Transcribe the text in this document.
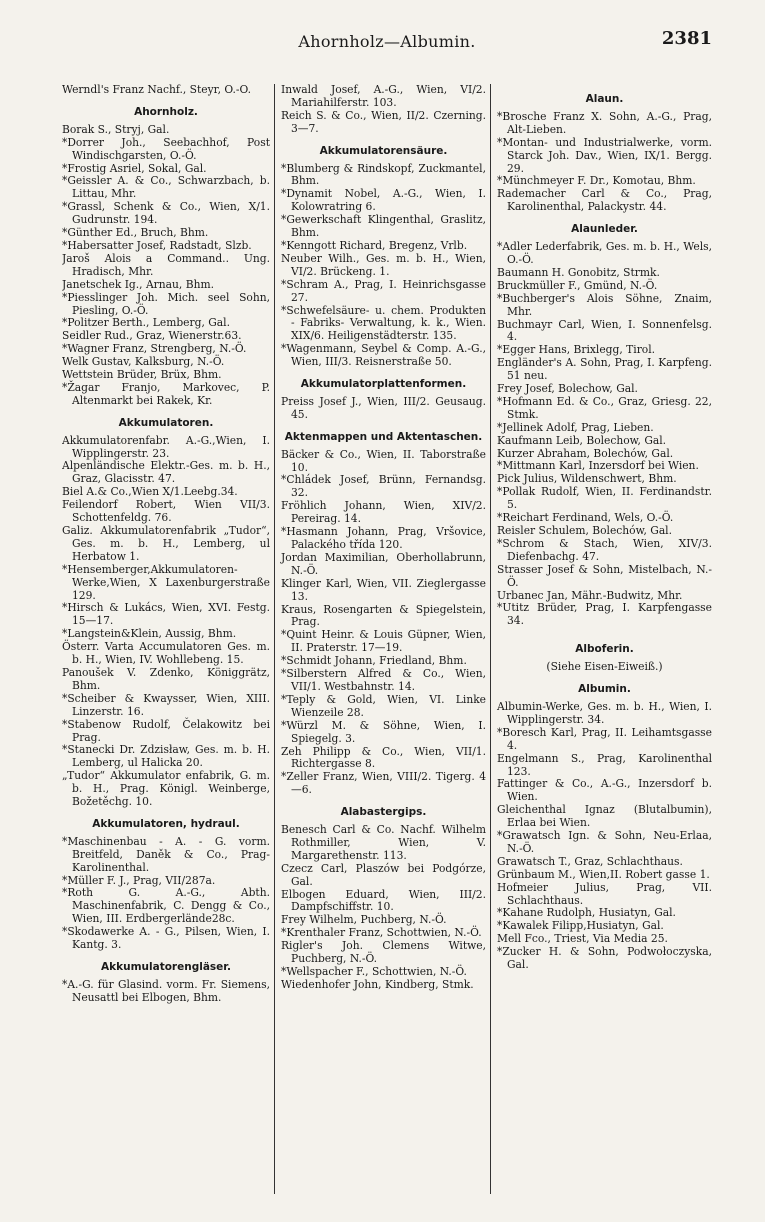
Ahornholz—Albumin.	2381
Werndl's Franz Nachf., Steyr, O.-Ö.
Ahornholz.
Borak S., Stryj, Gal.
*Dorrer Joh., Seebachhof, Post Windischgarsten, O.-Ö.
*Frostig Asriel, Sokal, Gal.
*Geissler A. & Co., Schwarzbach, b. Littau, Mhr.
*Grassl, Schenk & Co., Wien, X/1. Gudrunstr. 194.
*Günther Ed., Bruch, Bhm.
*Habersatter Josef, Radstadt, Slzb.
Jaroš Alois a Command.. Ung. Hradisch, Mhr.
Janetschek Ig., Arnau, Bhm.
*Piesslinger Joh. Mich. seel Sohn, Piesling, O.-Ö.
*Politzer Berth., Lemberg, Gal.
Seidler Rud., Graz, Wienerstr.63.
*Wagner Franz, Strengberg, N.-Ö.
Welk Gustav, Kalksburg, N.-Ö.
Wettstein Brüder, Brüx, Bhm.
*Žagar Franjo, Markovec, P. Altenmarkt bei Rakek, Kr.
Akkumulatoren.
Akkumulatorenfabr. A.-G.,Wien, I. Wipplingerstr. 23.
Alpenländische Elektr.-Ges. m. b. H., Graz, Glacisstr. 47.
Biel A.& Co.,Wien X/1.Leebg.34.
Feilendorf Robert, Wien VII/3. Schottenfeldg. 76.
Galiz. Akkumulatorenfabrik „Tudor“, Ges. m. b. H., Lemberg, ul Herbatow 1.
*Hensemberger,Akkumulatoren-Werke,Wien, X Laxenburgerstraße 129.
*Hirsch & Lukács, Wien, XVI. Festg. 15—17.
*Langstein&Klein, Aussig, Bhm.
Österr. Varta Accumulatoren Ges. m. b. H., Wien, IV. Wohllebeng. 15.
Panoušek V. Zdenko, Königgrätz, Bhm.
*Scheiber & Kwaysser, Wien, XIII. Linzerstr. 16.
*Stabenow Rudolf, Čelakowitz bei Prag.
*Stanecki Dr. Zdzisław, Ges. m. b. H. Lemberg, ul Halicka 20.
„Tudor“ Akkumulator enfabrik, G. m. b. H., Prag. Königl. Weinberge, Božetěchg. 10.
Akkumulatoren, hydraul.
*Maschinenbau - A. - G. vorm. Breitfeld, Daněk & Co., Prag-Karolinenthal.
*Müller F. J., Prag, VII/287a.
*Roth G. A.-G., Abth. Maschinenfabrik, C. Dengg & Co., Wien, III. Erdbergerlände28c.
*Skodawerke A. - G., Pilsen, Wien, I. Kantg. 3.
Akkumulatorengläser.
*A.-G. für Glasind. vorm. Fr. Siemens, Neusattl bei Elbogen, Bhm.
Inwald Josef, A.-G., Wien, VI/2. Mariahilferstr. 103.
Reich S. & Co., Wien, II/2. Czerning. 3—7.
Akkumulatorensäure.
*Blumberg & Rindskopf, Zuckmantel, Bhm.
*Dynamit Nobel, A.-G., Wien, I. Kolowratring 6.
*Gewerkschaft Klingenthal, Graslitz, Bhm.
*Kenngott Richard, Bregenz, Vrlb.
Neuber Wilh., Ges. m. b. H., Wien, VI/2. Brückeng. 1.
*Schram A., Prag, I. Heinrichsgasse 27.
*Schwefelsäure- u. chem. Produkten - Fabriks- Verwaltung, k. k., Wien. XIX/6. Heiligenstädterstr. 135.
*Wagenmann, Seybel & Comp. A.-G., Wien, III/3. Reisnerstraße 50.
Akkumulatorplattenformen.
Preiss Josef J., Wien, III/2. Geusaug. 45.
Aktenmappen und Aktentaschen.
Bäcker & Co., Wien, II. Taborstraße 10.
*Chládek Josef, Brünn, Fernandsg. 32.
Fröhlich Johann, Wien, XIV/2. Pereirag. 14.
*Hasmann Johann, Prag, Vršovice, Palackého třída 120.
Jordan Maximilian, Oberhollabrunn, N.-Ö.
Klinger Karl, Wien, VII. Zieglergasse 13.
Kraus, Rosengarten & Spiegelstein, Prag.
*Quint Heinr. & Louis Güpner, Wien, II. Praterstr. 17—19.
*Schmidt Johann, Friedland, Bhm.
*Silberstern Alfred & Co., Wien, VII/1. Westbahnstr. 14.
*Teply & Gold, Wien, VI. Linke Wienzeile 28.
*Würzl M. & Söhne, Wien, I. Spiegelg. 3.
Zeh Philipp & Co., Wien, VII/1. Richtergasse 8.
*Zeller Franz, Wien, VIII/2. Tigerg. 4—6.
Alabastergips.
Benesch Carl & Co. Nachf. Wilhelm Rothmiller, Wien, V. Margarethenstr. 113.
Czecz Carl, Plaszów bei Podgórze, Gal.
Elbogen Eduard, Wien, III/2. Dampfschiffstr. 10.
Frey Wilhelm, Puchberg, N.-Ö.
*Krenthaler Franz, Schottwien, N.-Ö.
Rigler's Joh. Clemens Witwe, Puchberg, N.-Ö.
*Wellspacher F., Schottwien, N.-Ö.
Wiedenhofer John, Kindberg, Stmk.
Alaun.
*Brosche Franz X. Sohn, A.-G., Prag, Alt-Lieben.
*Montan- und Industrialwerke, vorm. Starck Joh. Dav., Wien, IX/1. Bergg. 29.
*Münchmeyer F. Dr., Komotau, Bhm.
Rademacher Carl & Co., Prag, Karolinenthal, Palackystr. 44.
Alaunleder.
*Adler Lederfabrik, Ges. m. b. H., Wels, O.-Ö.
Baumann H. Gonobitz, Strmk.
Bruckmüller F., Gmünd, N.-Ö.
*Buchberger's Alois Söhne, Znaim, Mhr.
Buchmayr Carl, Wien, I. Sonnenfelsg. 4.
*Egger Hans, Brixlegg, Tirol.
Engländer's A. Sohn, Prag, I. Karpfeng. 51 neu.
Frey Josef, Bolechow, Gal.
*Hofmann Ed. & Co., Graz, Griesg. 22, Stmk.
*Jellinek Adolf, Prag, Lieben.
Kaufmann Leib, Bolechow, Gal.
Kurzer Abraham, Bolechów, Gal.
*Mittmann Karl, Inzersdorf bei Wien.
Pick Julius, Wildenschwert, Bhm.
*Pollak Rudolf, Wien, II. Ferdinandstr. 5.
*Reichart Ferdinand, Wels, O.-Ö.
Reisler Schulem, Bolechów, Gal.
*Schrom & Stach, Wien, XIV/3. Diefenbachg. 47.
Strasser Josef & Sohn, Mistelbach, N.-Ö.
Urbanec Jan, Mähr.-Budwitz, Mhr.
*Utitz Brüder, Prag, I. Karpfengasse 34.
Alboferin.
(Siehe Eisen-Eiweiß.)
Albumin.
Albumin-Werke, Ges. m. b. H., Wien, I. Wipplingerstr. 34.
*Boresch Karl, Prag, II. Leihamtsgasse 4.
Engelmann S., Prag, Karolinenthal 123.
Fattinger & Co., A.-G., Inzersdorf b. Wien.
Gleichenthal Ignaz (Blutalbumin), Erlaa bei Wien.
*Grawatsch Ign. & Sohn, Neu-Erlaa, N.-Ö.
Grawatsch T., Graz, Schlachthaus.
Grünbaum M., Wien,II. Robert gasse 1.
Hofmeier Julius, Prag, VII. Schlachthaus.
*Kahane Rudolph, Husiatyn, Gal.
*Kawalek Filipp,Husiatyn, Gal.
Mell Fco., Triest, Via Media 25.
*Zucker H. & Sohn, Podwołoczyska, Gal.
